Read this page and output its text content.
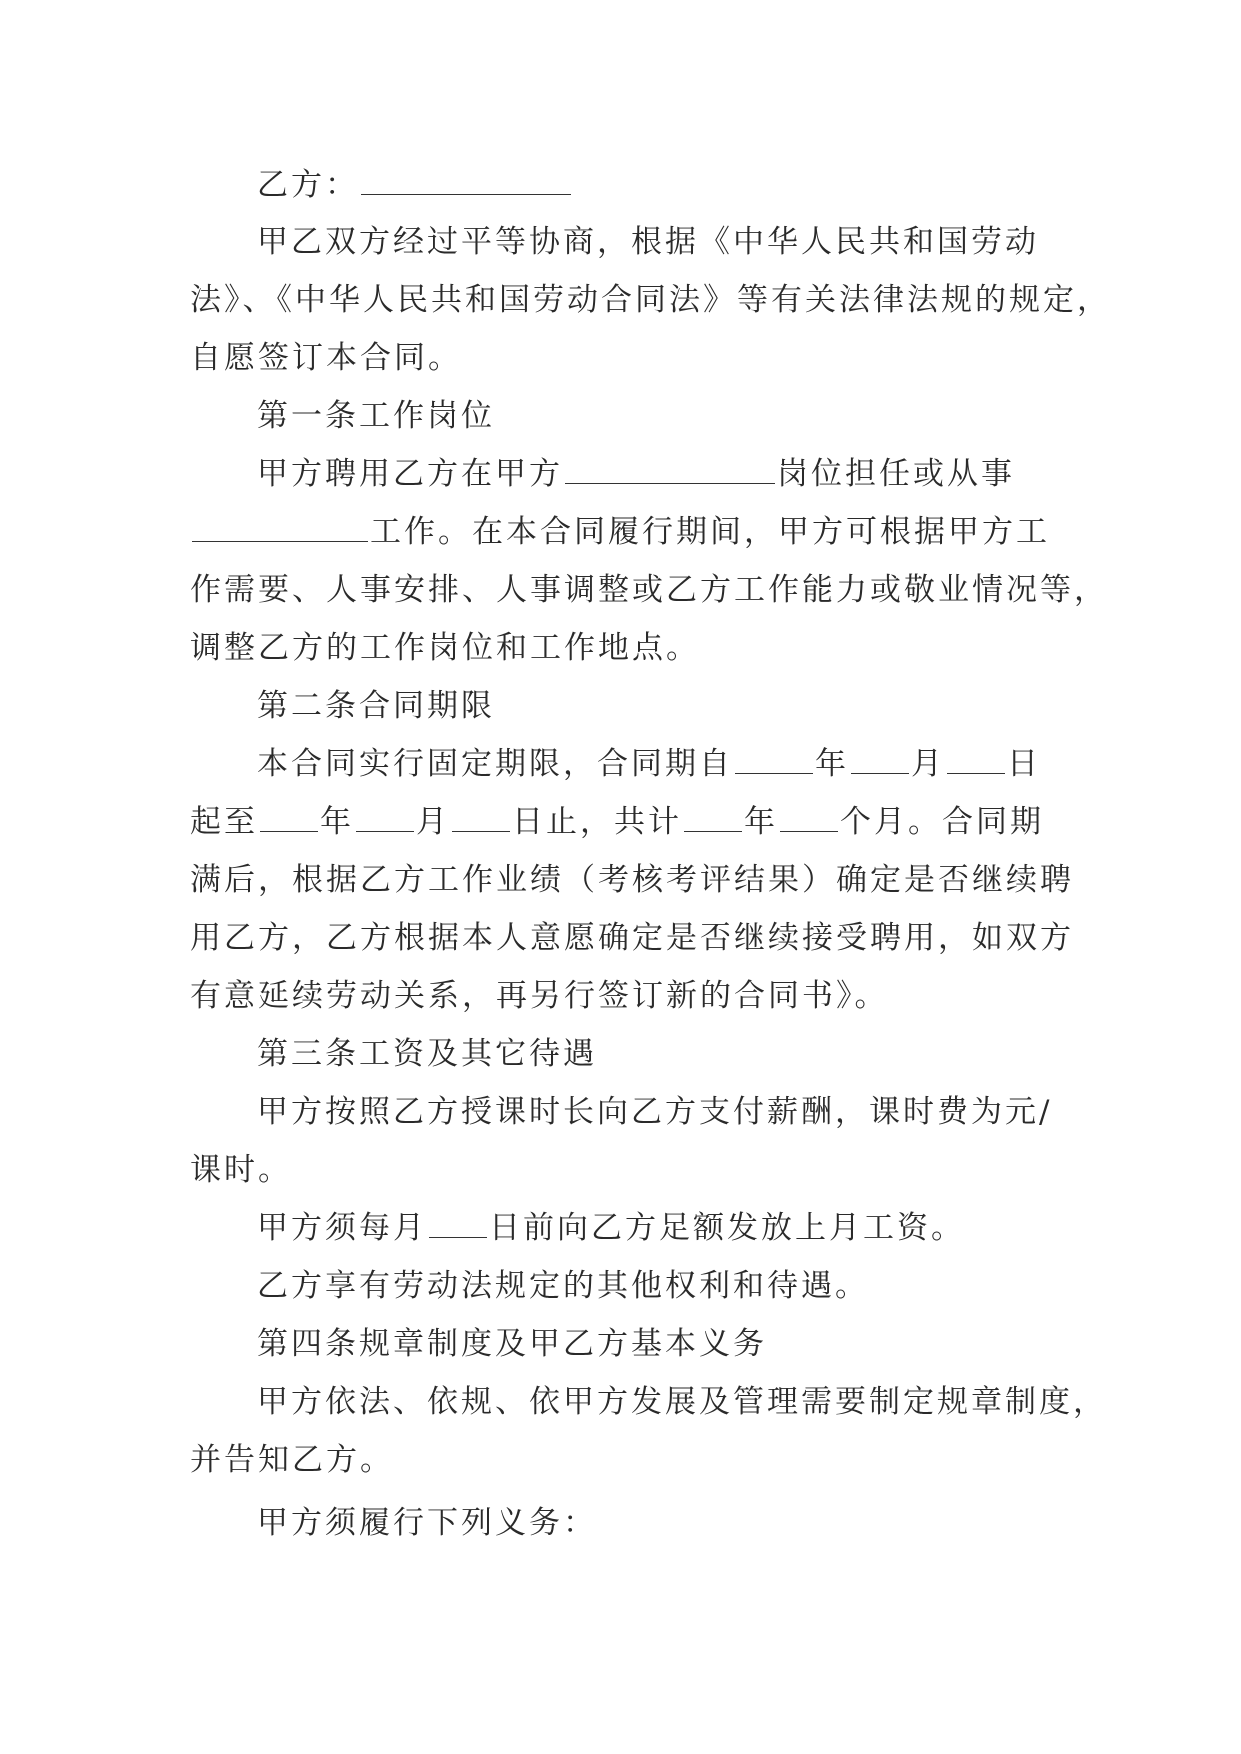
乙方：
甲乙双方经过平等协商，根据《中华人民共和国劳动
法》、《中华人民共和国劳动合同法》等有关法律法规的规定，
自愿签订本合同。
第一条工作岗位
甲方聘用乙方在甲方	岗位担任或从事
工作。在本合同履行期间，甲方可根据甲方工
作需要、人事安排、人事调整或乙方工作能力或敬业情况等，
调整乙方的工作岗位和工作地点。
第二条合同期限
本合同实行固定期限，合同期自	年 月 日
起至 年 月 日止，共计 年 个月。合同期
满后，根据乙方工作业绩（考核考评结果）确定是否继续聘
用乙方，乙方根据本人意愿确定是否继续接受聘用，如双方
有意延续劳动关系，再另行签订新的合同书》。
第三条工资及其它待遇
甲方按照乙方授课时长向乙方支付薪酬，课时费为元/
课时。
甲方须每月 日前向乙方足额发放上月工资。
乙方享有劳动法规定的其他权利和待遇。
第四条规章制度及甲乙方基本义务
甲方依法、依规、依甲方发展及管理需要制定规章制度，
并告知乙方。
甲方须履行下列义务：
